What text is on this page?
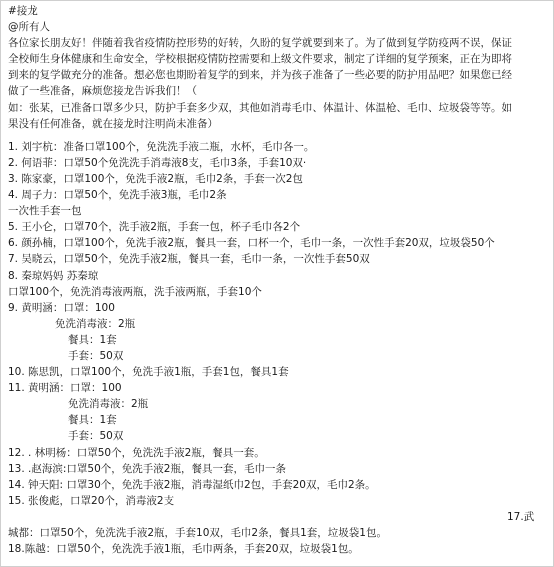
#接龙
@所有人
各位家长朋友好！伴随着我省疫情防控形势的好转，久盼的复学就要到来了。为了做到复学防疫两不误，保证
全校师生身体健康和生命安全，学校根据疫情防控需要和上级文件要求，制定了详细的复学预案，正在为即将
到来的复学做充分的准备。想必您也期盼着复学的到来，并为孩子准备了一些必要的防护用品吧？如果您已经
做了一些准备，麻烦您接龙告诉我们！（
如：张某，已准备口罩多少只，防护手套多少双，其他如消毒毛巾、体温计、体温枪、毛巾、垃圾袋等等。如
果没有任何准备，就在接龙时注明尚未准备）
1. 刘宇杭：准备口罩100个，免洗洗手液二瓶，水杯，毛巾各一。
2. 何语菲：口罩50个免洗洗手消毒液8支，毛巾3条，手套10双·
3. 陈家豪，口罩100个，免洗手液2瓶，毛巾2条，手套一次2包
4. 周子力：口罩50个，免洗手液3瓶，毛巾2条
一次性手套一包
5. 王小仑，口罩70个，洗手液2瓶，手套一包，杯子毛巾各2个
6. 颜孙楠，口罩100个，免洗手液2瓶，餐具一套，口杯一个，毛巾一条，一次性手套20双，垃圾袋50个
7. 吴晓云，口罩50个，免洗手液2瓶，餐具一套，毛巾一条，一次性手套50双
8. 秦琼妈妈 苏秦琼
口罩100个，免洗消毒液两瓶，洗手液两瓶，手套10个
9. 黄明涵：口罩：100
免洗消毒液：2瓶
餐具：1套
手套：50双
10. 陈思凯，口罩100个，免洗手液1瓶，手套1包，餐具1套
11. 黄明涵：口罩：100
免洗消毒液：2瓶
餐具：1套
手套：50双
12. . 林明杨：口罩50个，免洗洗手液2瓶，餐具一套。
13. .赵海滨:口罩50个，免洗手液2瓶，餐具一套，毛巾一条
14. 钟天阳: 口罩30个，免洗手液2瓶，消毒湿纸巾2包，手套20双，毛巾2条。
15. 张俊彪，口罩20个，消毒液2支

17.武

城都：口罩50个，免洗洗手液2瓶，手套10双，毛巾2条，餐具1套，垃圾袋1包。
18.陈越：口罩50个，免洗洗手液1瓶，毛巾两条，手套20双，垃圾袋1包。
